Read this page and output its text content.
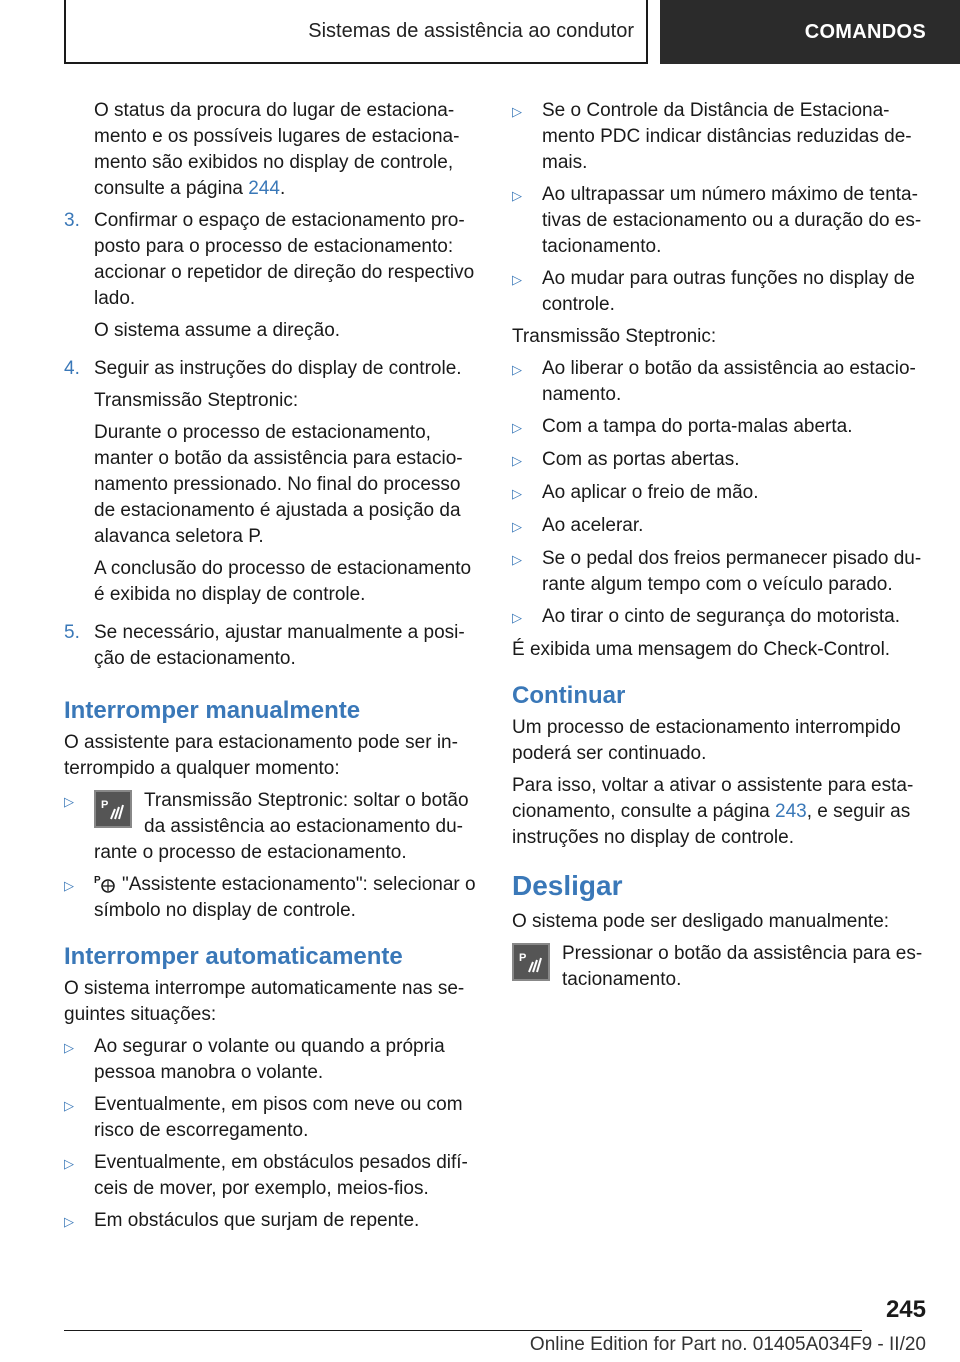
Sistemas de assistência ao condutor	COMANDOS

O status da procura do lugar de estaciona-mento e os possíveis lugares de estaciona-mento são exibidos no display de controle, consulte a página 244.

3. Confirmar o espaço de estacionamento pro-posto para o processo de estacionamento: accionar o repetidor de direção do respectivo lado.

O sistema assume a direção.

4. Seguir as instruções do display de controle.

Transmissão Steptronic:

Durante o processo de estacionamento, manter o botão da assistência para estacio-namento pressionado. No final do processo de estacionamento é ajustada a posição da alavanca seletora P.

A conclusão do processo de estacionamento é exibida no display de controle.

5. Se necessário, ajustar manualmente a posi-ção de estacionamento.

Interromper manualmente

O assistente para estacionamento pode ser in-terrompido a qualquer momento:

▷	P Transmissão Steptronic: soltar o botão da assistência ao estacionamento du-rante o processo de estacionamento.
▷	P "Assistente estacionamento": selecionar o símbolo no display de controle.
Interromper automaticamente

O sistema interrompe automaticamente nas se-guintes situações:

▷	Ao segurar o volante ou quando a própria pessoa manobra o volante.
▷	Eventualmente, em pisos com neve ou com risco de escorregamento.
▷	Eventualmente, em obstáculos pesados difí-ceis de mover, por exemplo, meios-fios.
▷	Em obstáculos que surjam de repente.
▷	Se o Controle da Distância de Estaciona-mento PDC indicar distâncias reduzidas de-mais.
▷	Ao ultrapassar um número máximo de tenta-tivas de estacionamento ou a duração do es-tacionamento.
▷	Ao mudar para outras funções no display de controle.

Transmissão Steptronic:

▷	Ao liberar o botão da assistência ao estacio-namento.
▷	Com a tampa do porta-malas aberta.
▷	Com as portas abertas.
▷	Ao aplicar o freio de mão.
▷	Ao acelerar.
▷	Se o pedal dos freios permanecer pisado du-rante algum tempo com o veículo parado.
▷	Ao tirar o cinto de segurança do motorista.

É exibida uma mensagem do Check-Control.

Continuar

Um processo de estacionamento interrompido poderá ser continuado.

Para isso, voltar a ativar o assistente para esta-cionamento, consulte a página 243, e seguir as instruções no display de controle.

Desligar

O sistema pode ser desligado manualmente:

P Pressionar o botão da assistência para es-tacionamento.
245
Online Edition for Part no. 01405A034F9 - II/20
